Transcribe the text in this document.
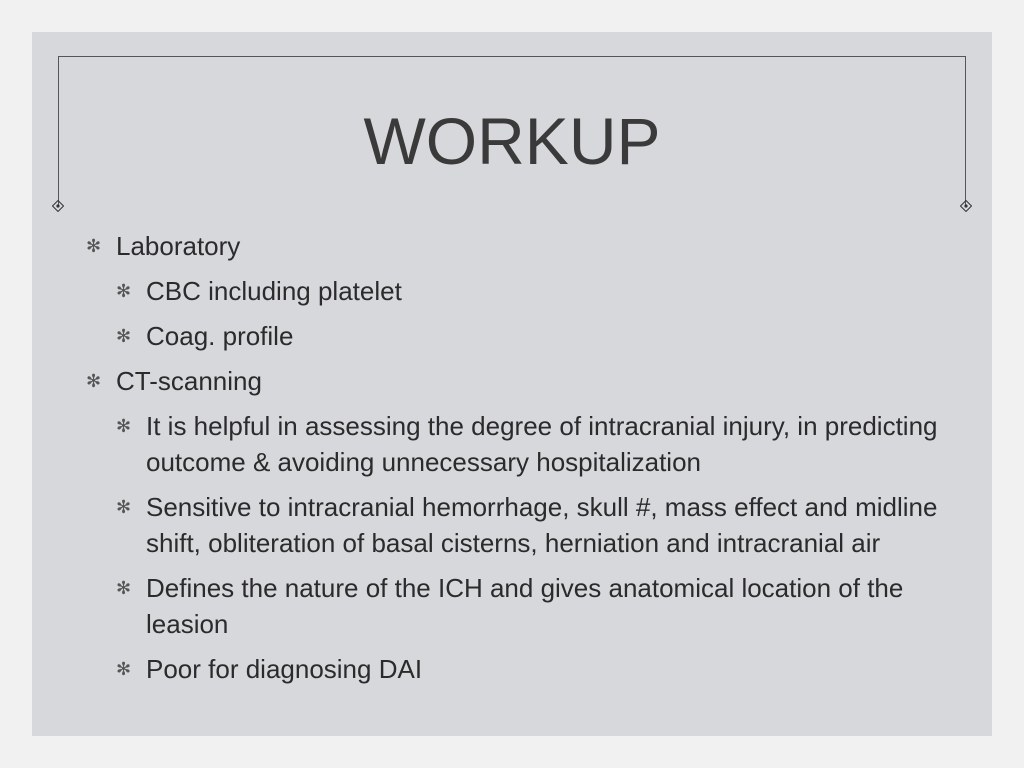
WORKUP
✻ Laboratory
✻ CBC including platelet
✻ Coag. profile
✻ CT-scanning
✻ It is helpful in assessing the degree of intracranial injury, in predicting outcome & avoiding unnecessary hospitalization
✻ Sensitive to intracranial hemorrhage, skull #, mass effect and midline shift, obliteration of basal cisterns, herniation and intracranial air
✻ Defines the nature of the ICH and gives anatomical location of the leasion
✻ Poor for diagnosing DAI
